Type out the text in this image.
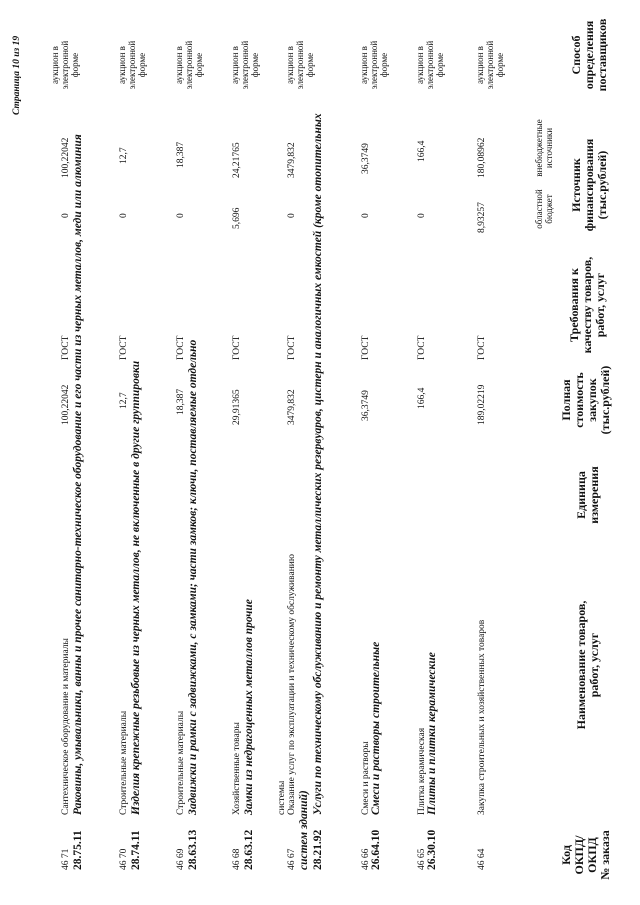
Код ОКПД/ ОКПД № заказа
Наименование товаров, работ, услуг
Единица измерения
Полная стоимость закупок (тыс.рублей)
Требования к качеству товаров, работ, услуг
Источник финансирования (тыс.рублей)
областной бюджет
внебюджетные источники
Способ определения поставщиков
46 64
Закупка строительных и хозяйственных товаров
189,02219
ГОСТ
8,93257
180,08962
аукцион в электронной форме
26.30.10
Плиты и плитки керамические
46 65
Плитка керамическая
166,4
ГОСТ
0
166,4
аукцион в электронной форме
26.64.10
Смеси и растворы строительные
46 66
Смеси и растворы
36,3749
ГОСТ
0
36,3749
аукцион в электронной форме
28.21.92
Услуги по техническому обслуживанию и ремонту металлических резервуаров, цистерн и аналогичных емкостей (кроме отопительных
систем зданий)
46 67
Оказание услуг по эксплуатации и техническому обслуживанию
системы
3479,832
ГОСТ
0
3479,832
аукцион в электронной форме
28.63.12
Замки из недрагоценных металлов прочие
46 68
Хозяйственные товары
29,91365
ГОСТ
5,696
24,21765
аукцион в электронной форме
28.63.13
Задвижки и рамки с задвижками, с замками; части замков; ключи, поставляемые отдельно
46 69
Строительные материалы
18,387
ГОСТ
0
18,387
аукцион в электронной форме
28.74.11
Изделия крепежные резьбовые из черных металлов, не включенные в другие группировки
46 70
Строительные материалы
12,7
ГОСТ
0
12,7
аукцион в электронной форме
28.75.11
Раковины, умывальники, ванны и прочее санитарно-техническое оборудование и его части из черных металлов, меди или алюминия
46 71
Сантехническое оборудование и материалы
100,22042
ГОСТ
0
100,22042
аукцион в электронной форме
Страница 10 из 19
